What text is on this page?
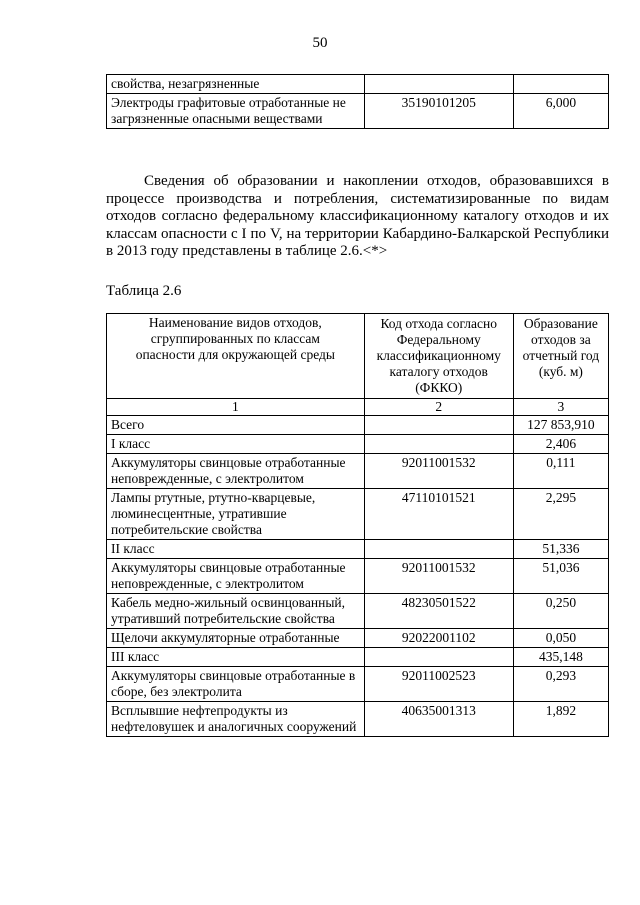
50
свойства, незагрязненные		
Электроды графитовые отработанные не загрязненные опасными веществами	35190101205	6,000

Сведения об образовании и накоплении отходов, образовавшихся в процессе производства и потребления, систематизированные по видам отходов согласно федеральному классификационному каталогу отходов и их классам опасности с I по V, на территории Кабардино-Балкарской Республики в 2013 году представлены в таблице 2.6.<*>

Таблица 2.6

Наименование видов отходов, сгруппированных по классам опасности для окружающей среды	Код отхода согласно Федеральному классификационному каталогу отходов (ФККО)	Образование отходов за отчетный год (куб. м)
1	2	3
Всего		127 853,910
I класс		2,406
Аккумуляторы свинцовые отработанные неповрежденные, с электролитом	92011001532	0,111
Лампы ртутные, ртутно-кварцевые, люминесцентные, утратившие потребительские свойства	47110101521	2,295
II класс		51,336
Аккумуляторы свинцовые отработанные неповрежденные, с электролитом	92011001532	51,036
Кабель медно-жильный освинцованный, утративший потребительские свойства	48230501522	0,250
Щелочи аккумуляторные отработанные	92022001102	0,050
III класс		435,148
Аккумуляторы свинцовые отработанные в сборе, без электролита	92011002523	0,293
Всплывшие нефтепродукты из нефтеловушек и аналогичных сооружений	40635001313	1,892
